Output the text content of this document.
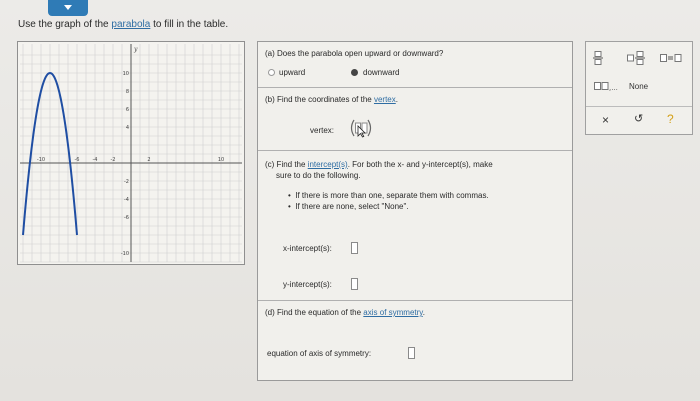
Use the graph of the parabola to fill in the table.
-10	-6	-4	-2	2	10
10
8
6
4
-2
-4
-6
-10
y	(a) Does the parabola open upward or downward?
upward	downward
(b) Find the coordinates of the vertex.
vertex:
(c) Find the intercept(s). For both the x- and y-intercept(s), make
sure to do the following.
•  If there is more than one, separate them with commas.
•  If there are none, select "None".
x-intercept(s):
y-intercept(s):
(d) Find the equation of the axis of symmetry.
equation of axis of symmetry:
,... None
× ↺ ?
